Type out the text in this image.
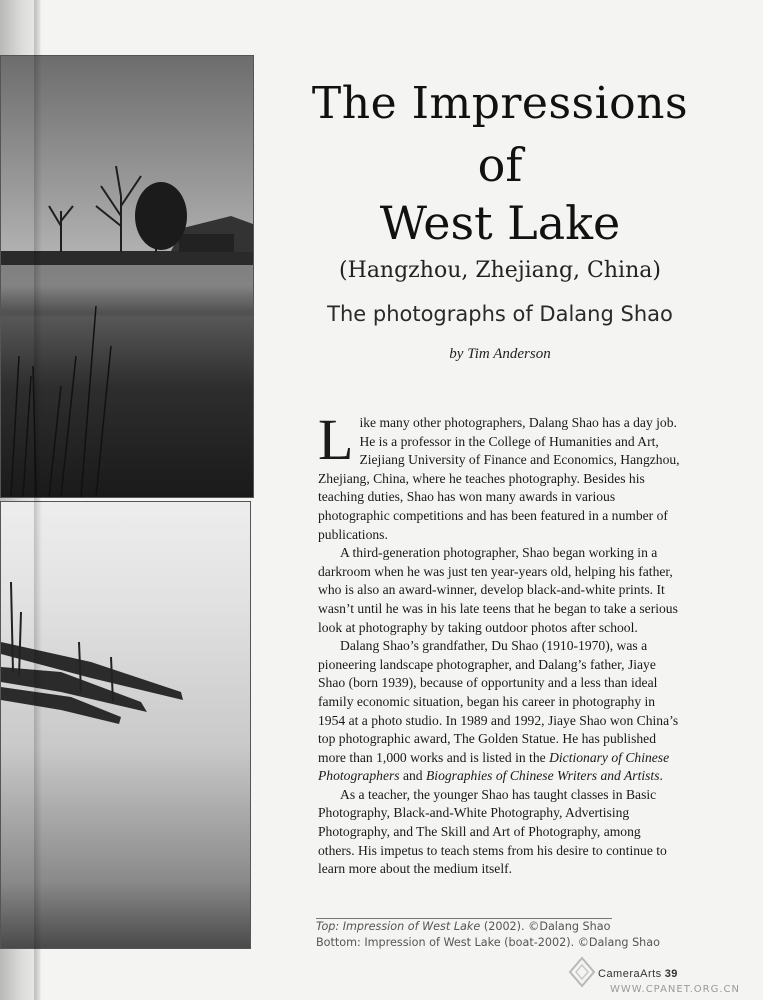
The Impressions
of
West Lake
(Hangzhou, Zhejiang, China)
The photographs of Dalang Shao
by Tim Anderson

Like many other photographers, Dalang Shao has a day job. He is a professor in the College of Humanities and Art, Ziejiang University of Finance and Economics, Hangzhou, Zhejiang, China, where he teaches photography. Besides his teaching duties, Shao has won many awards in various photographic competitions and has been featured in a number of publications.

A third-generation photographer, Shao began working in a darkroom when he was just ten year-years old, helping his father, who is also an award-winner, develop black-and-white prints. It wasn’t until he was in his late teens that he began to take a serious look at photography by taking outdoor photos after school.

Dalang Shao’s grandfather, Du Shao (1910-1970), was a pioneering landscape photographer, and Dalang’s father, Jiaye Shao (born 1939), because of opportunity and a less than ideal family economic situation, began his career in photography in 1954 at a photo studio. In 1989 and 1992, Jiaye Shao won China’s top photographic award, The Golden Statue. He has published more than 1,000 works and is listed in the Dictionary of Chinese Photographers and Biographies of Chinese Writers and Artists.

As a teacher, the younger Shao has taught classes in Basic Photography, Black-and-White Photography, Advertising Photography, and The Skill and Art of Photography, among others. His impetus to teach stems from his desire to continue to learn more about the medium itself.

Top: Impression of West Lake (2002). ©Dalang Shao
Bottom: Impression of West Lake (boat-2002). ©Dalang Shao
CameraArts 39
WWW.CPANET.ORG.CN
